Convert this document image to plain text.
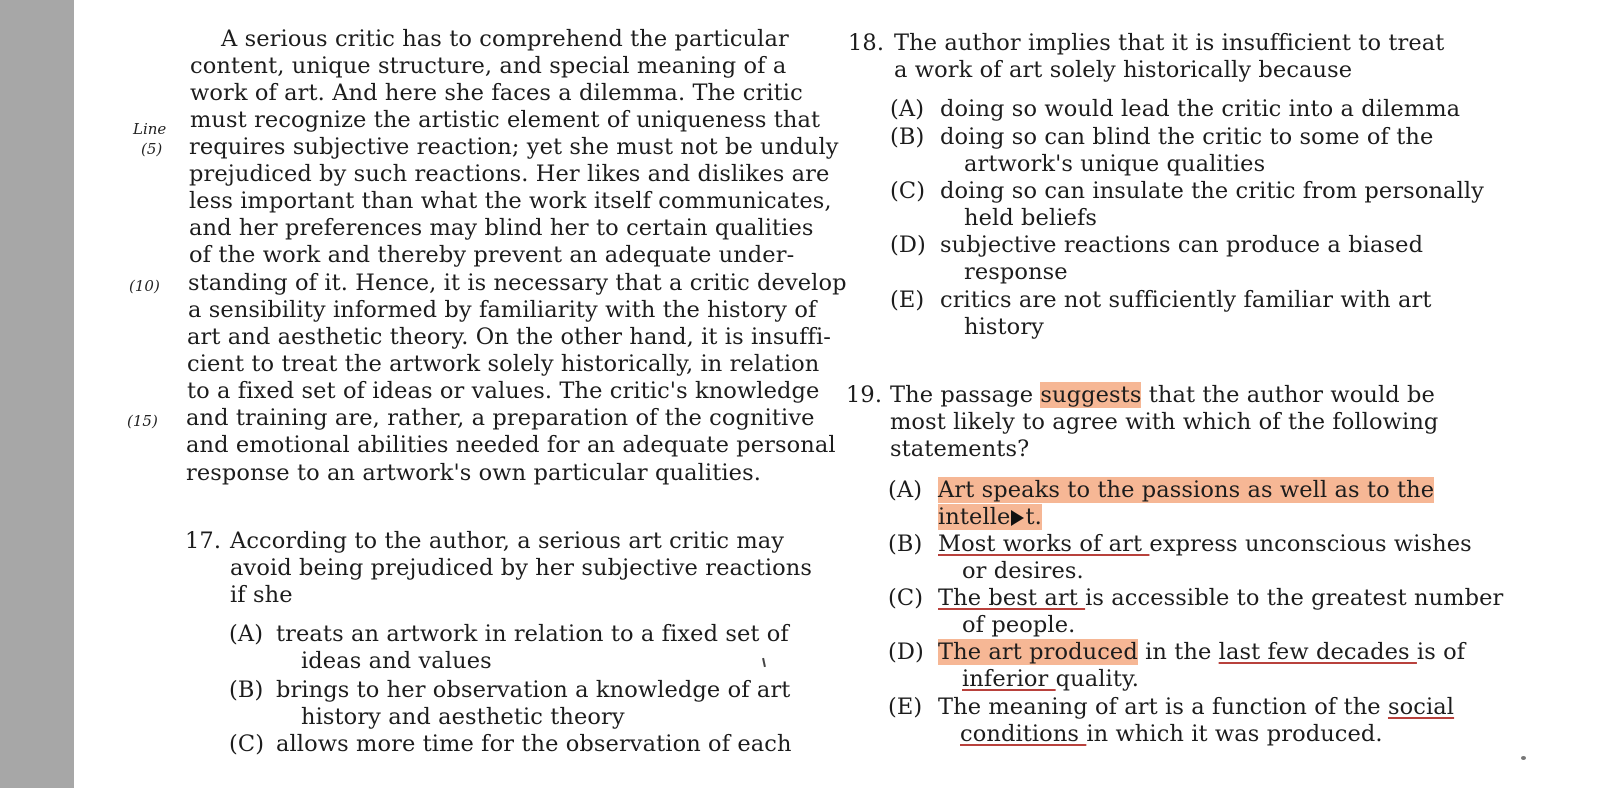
A serious critic has to comprehend the particular
content, unique structure, and special meaning of a
work of art. And here she faces a dilemma. The critic
must recognize the artistic element of uniqueness that
requires subjective reaction; yet she must not be unduly
prejudiced by such reactions. Her likes and dislikes are
less important than what the work itself communicates,
and her preferences may blind her to certain qualities
of the work and thereby prevent an adequate under-
standing of it. Hence, it is necessary that a critic develop
a sensibility informed by familiarity with the history of
art and aesthetic theory. On the other hand, it is insuffi-
cient to treat the artwork solely historically, in relation
to a fixed set of ideas or values. The critic's knowledge
and training are, rather, a preparation of the cognitive
and emotional abilities needed for an adequate personal
response to an artwork's own particular qualities.
Line
(5)
(10)
(15)
17. According to the author, a serious art critic may
avoid being prejudiced by her subjective reactions
if she
(A) treats an artwork in relation to a fixed set of
ideas and values
(B) brings to her observation a knowledge of art
history and aesthetic theory
(C) allows more time for the observation of each
18. The author implies that it is insufficient to treat
a work of art solely historically because
(A) doing so would lead the critic into a dilemma
(B) doing so can blind the critic to some of the
artwork's unique qualities
(C) doing so can insulate the critic from personally
held beliefs
(D) subjective reactions can produce a biased
response
(E) critics are not sufficiently familiar with art
history
19. The passage suggests that the author would be
most likely to agree with which of the following
statements?
(A) Art speaks to the passions as well as to the
intelle t.
(B) Most works of art express unconscious wishes
or desires.
(C) The best art is accessible to the greatest number
of people.
(D) The art produced in the last few decades is of
inferior quality.
(E) The meaning of art is a function of the social
conditions in which it was produced.
